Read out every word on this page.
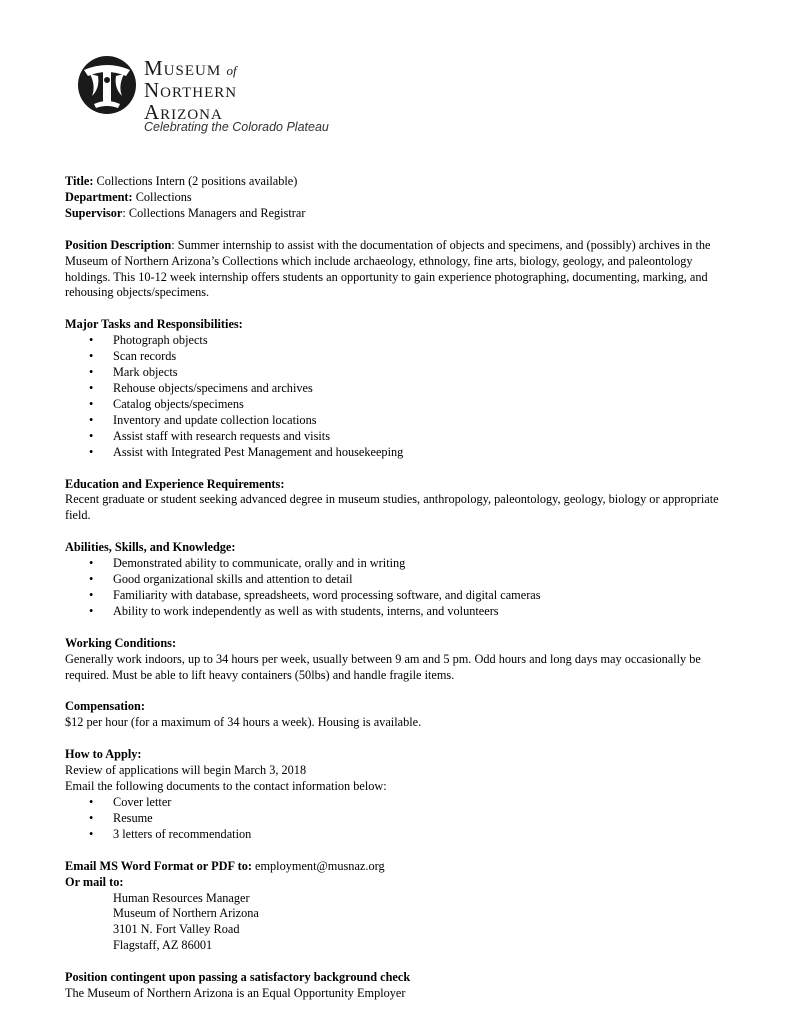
Museum of
Northern
Arizona
Celebrating the Colorado Plateau

Title: Collections Intern (2 positions available)

Department: Collections

Supervisor: Collections Managers and Registrar

Position Description: Summer internship to assist with the documentation of objects and specimens, and (possibly) archives in the Museum of Northern Arizona’s Collections which include archaeology, ethnology, fine arts, biology, geology, and paleontology holdings. This 10-12 week internship offers students an opportunity to gain experience photographing, documenting, marking, and rehousing objects/specimens.

Major Tasks and Responsibilities:

• Photograph objects
• Scan records
• Mark objects
• Rehouse objects/specimens and archives
• Catalog objects/specimens
• Inventory and update collection locations
• Assist staff with research requests and visits
• Assist with Integrated Pest Management and housekeeping

Education and Experience Requirements:

Recent graduate or student seeking advanced degree in museum studies, anthropology, paleontology, geology, biology or appropriate field.

Abilities, Skills, and Knowledge:

• Demonstrated ability to communicate, orally and in writing
• Good organizational skills and attention to detail
• Familiarity with database, spreadsheets, word processing software, and digital cameras
• Ability to work independently as well as with students, interns, and volunteers

Working Conditions:

Generally work indoors, up to 34 hours per week, usually between 9 am and 5 pm. Odd hours and long days may occasionally be required. Must be able to lift heavy containers (50lbs) and handle fragile items.

Compensation:

$12 per hour (for a maximum of 34 hours a week). Housing is available.

How to Apply:

Review of applications will begin March 3, 2018

Email the following documents to the contact information below:

• Cover letter
• Resume
• 3 letters of recommendation

Email MS Word Format or PDF to: employment@musnaz.org

Or mail to:

Human Resources Manager

Museum of Northern Arizona

3101 N. Fort Valley Road

Flagstaff, AZ 86001

Position contingent upon passing a satisfactory background check

The Museum of Northern Arizona is an Equal Opportunity Employer
